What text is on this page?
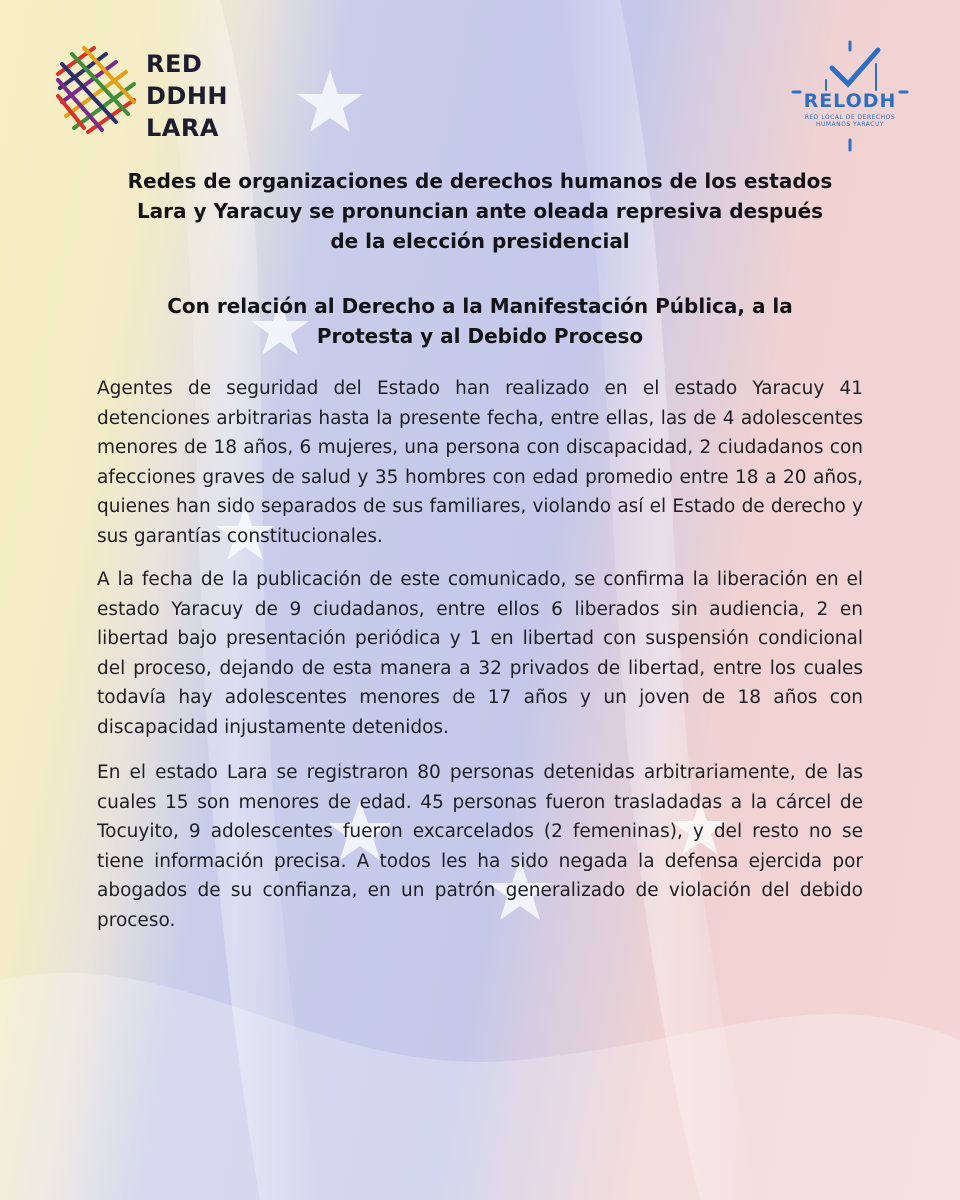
RED
DDHH
LARA
RELODH
RED LOCAL DE DERECHOS HUMANOS YARACUY
Redes de organizaciones de derechos humanos de los estados Lara y Yaracuy se pronuncian ante oleada represiva después de la elección presidencial
Con relación al Derecho a la Manifestación Pública, a la Protesta y al Debido Proceso

Agentes de seguridad del Estado han realizado en el estado Yaracuy 41 detenciones arbitrarias hasta la presente fecha, entre ellas, las de 4 adolescentes menores de 18 años, 6 mujeres, una persona con discapacidad, 2 ciudadanos con afecciones graves de salud y 35 hombres con edad promedio entre 18 a 20 años, quienes han sido separados de sus familiares, violando así el Estado de derecho y sus garantías constitucionales.

A la fecha de la publicación de este comunicado, se confirma la liberación en el estado Yaracuy de 9 ciudadanos, entre ellos 6 liberados sin audiencia, 2 en libertad bajo presentación periódica y 1 en libertad con suspensión condicional del proceso, dejando de esta manera a 32 privados de libertad, entre los cuales todavía hay adolescentes menores de 17 años y un joven de 18 años con discapacidad injustamente detenidos.

En el estado Lara se registraron 80 personas detenidas arbitrariamente, de las cuales 15 son menores de edad. 45 personas fueron trasladadas a la cárcel de Tocuyito, 9 adolescentes fueron excarcelados (2 femeninas), y del resto no se tiene información precisa. A todos les ha sido negada la defensa ejercida por abogados de su confianza, en un patrón generalizado de violación del debido proceso.
